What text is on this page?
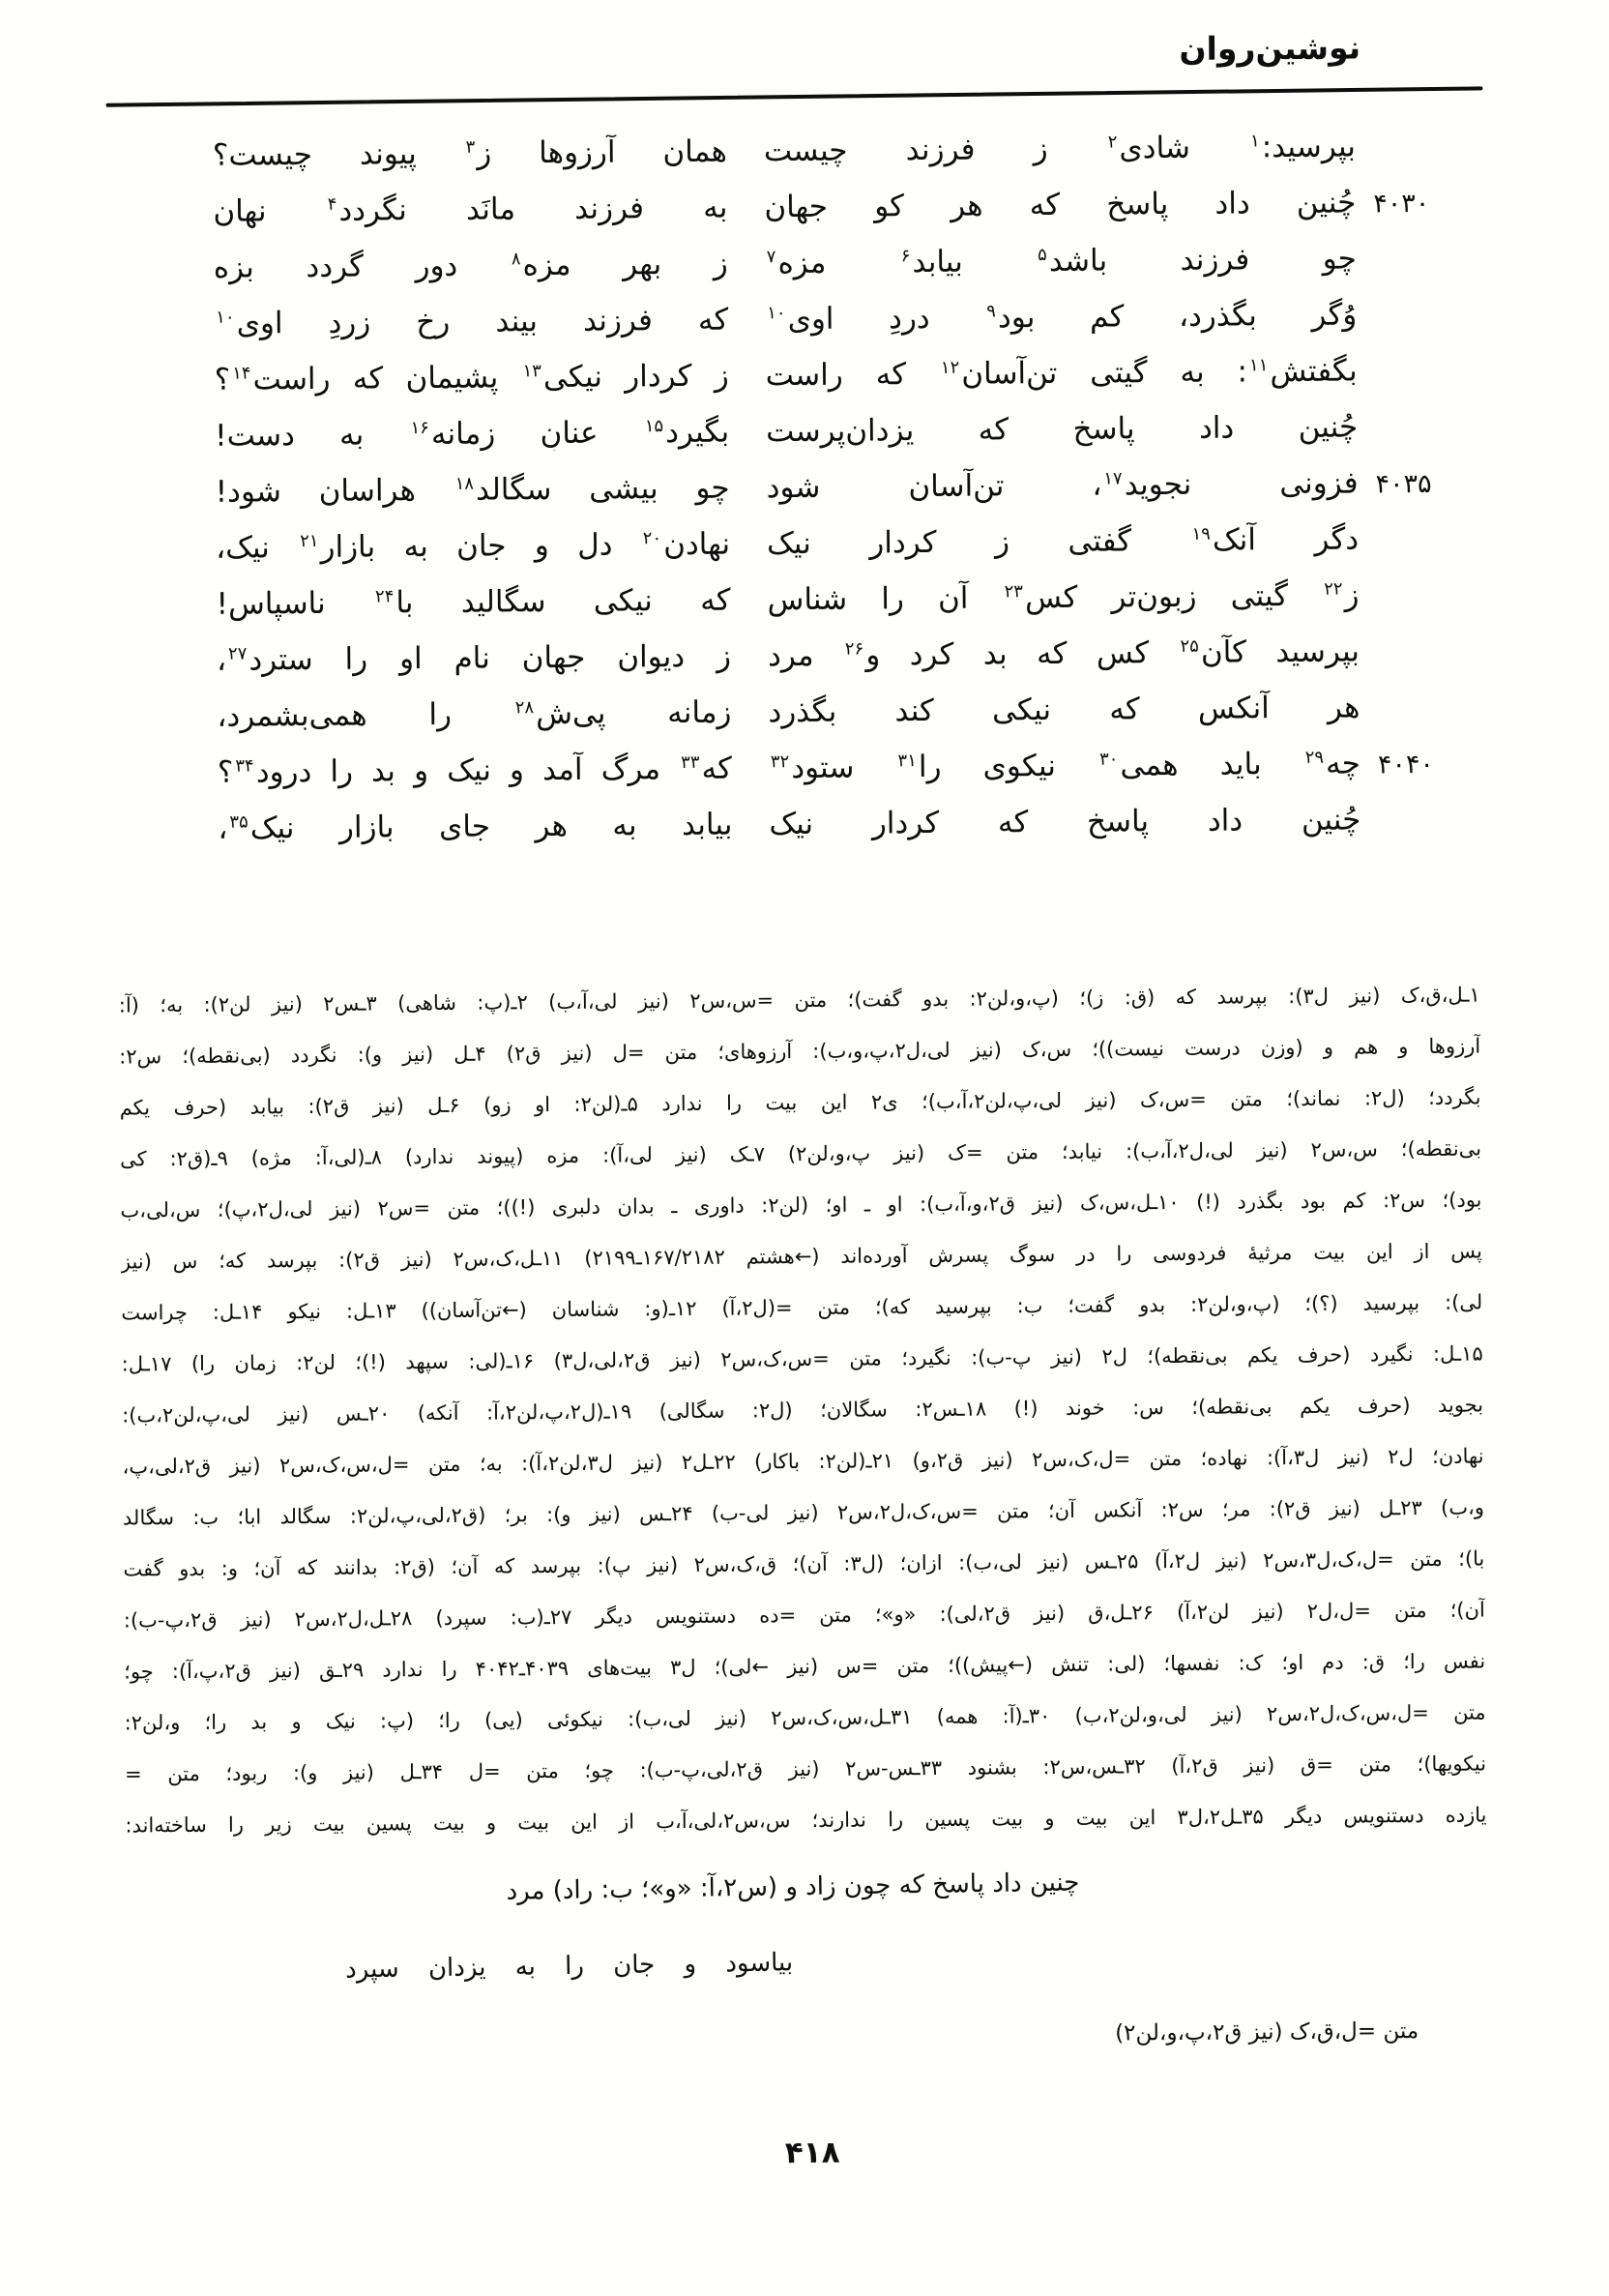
نوشین‌روان
بپرسید:$^۱$ شادی$^۲$ ز فرزند چیست
همان آرزوها ز$^۳$ پیوند چیست؟
۴۰۳۰
چُنین داد پاسخ که هر کو جهان
به فرزند مانَد نگردد$^۴$ نهان
چو فرزند باشد$^۵$ بیابد$^۶$ مزه$^۷$
ز بهرِ مزه$^۸$ دور گردد بزه
وُگر بگذرد، کم بود$^۹$ دردِ اوی$^{۱۰}$
که فرزند بیند رخ زردِ اوی$^{۱۰}$
بگفتش$^{۱۱}$: به گیتی تن‌آسان$^{۱۲}$ که راست
ز کردارِ نیکی$^{۱۳}$ پشیمان که راست$^{۱۴}$؟
چُنین داد پاسخ که یزدان‌پرست
بگیرد$^{۱۵}$ عنانِ زمانه$^{۱۶}$ به دست!
۴۰۳۵
فزونی نجوید$^{۱۷}$، تن‌آسان شود
چو بیشی سگالد$^{۱۸}$ هراسان شود!
دگر آنک$^{۱۹}$ گفتی ز کردارِ نیک
نهادن$^{۲۰}$ دل و جان به بازارِ$^{۲۱}$ نیک،
ز$^{۲۲}$ گیتی زبون‌تر کس$^{۲۳}$ آن را شناس
که نیکی سگالید با$^{۲۴}$ ناسپاس!
بپرسید کآن$^{۲۵}$ کس که بد کرد و$^{۲۶}$ مرد
ز دیوان جهان نام او را سترد$^{۲۷}$،
هر آنکس که نیکی کند بگذرد
زمانه پی‌ش$^{۲۸}$ را همی‌بشمرد،
۴۰۴۰
چه$^{۲۹}$ باید همی$^{۳۰}$ نیکوی را$^{۳۱}$ ستود$^{۳۲}$
که$^{۳۳}$ مرگ آمد و نیک و بد را درود$^{۳۴}$؟
چُنین داد پاسخ که کردارِ نیک
بیابد به هر جای بازارِ نیک$^{۳۵}$،
۱ـل،ق،ک (نیز ل۳): بپرسد که (ق: ز)؛ (پ،و،لن۲: بدو گفت)؛ متن =س،س۲ (نیز لی،آ،ب) ۲ـ(پ: شاهی) ۳ـس۲ (نیز لن۲): به؛ (آ:
آرزوها و هم و (وزن درست نیست))؛ س،ک (نیز لی،ل۲،پ،و،ب): آرزوهای؛ متن =ل (نیز ق۲) ۴ـل (نیز و): نگردد (بی‌نقطه)؛ س۲:
بگردد؛ (ل۲: نماند)؛ متن =س،ک (نیز لی،پ،لن۲،آ،ب)؛ ی۲ این بیت را ندارد ۵ـ(لن۲: او زو) ۶ـل (نیز ق۲): بیابد (حرف یکم
بی‌نقطه)؛ س،س۲ (نیز لی،ل۲،آ،ب): نیابد؛ متن =ک (نیز پ،و،لن۲) ۷ـک (نیز لی،آ): مزه (پیوند ندارد) ۸ـ(لی،آ: مژه) ۹ـ(ق۲: کی
بود)؛ س۲: کم بود بگذرد (!) ۱۰ـل،س،ک (نیز ق۲،و،آ،ب): او ـ او؛ (لن۲: داوری ـ بدان دلبری (!))؛ متن =س۲ (نیز لی،ل۲،پ)؛ س،لی،ب
پس از این بیت مرثیهٔ فردوسی را در سوگ پسرش آورده‌اند (←هشتم ۱۶۷/۲۱۸۲ـ۲۱۹۹) ۱۱ـل،ک،س۲ (نیز ق۲): بپرسد که؛ س (نیز
لی): بپرسید (؟)؛ (پ،و،لن۲: بدو گفت؛ ب: بپرسید که)؛ متن =(ل۲،آ) ۱۲ـ(و: شناسان (←تن‌آسان)) ۱۳ـل: نیکو ۱۴ـل: چراست
۱۵ـل: نگیرد (حرف یکم بی‌نقطه)؛ ل۲ (نیز پ-ب): نگیرد؛ متن =س،ک،س۲ (نیز ق۲،لی،ل۳) ۱۶ـ(لی: سپهد (!)؛ لن۲: زمان را) ۱۷ـل:
بجوید (حرف یکم بی‌نقطه)؛ س: خوند (!) ۱۸ـس۲: سگالان؛ (ل۲: سگالی) ۱۹ـ(ل۲،پ،لن۲،آ: آنکه) ۲۰ـس (نیز لی،پ،لن۲،ب):
نهادن؛ ل۲ (نیز ل۳،آ): نهاده؛ متن =ل،ک،س۲ (نیز ق۲،و) ۲۱ـ(لن۲: باکار) ۲۲ـل۲ (نیز ل۳،لن۲،آ): به؛ متن =ل،س،ک،س۲ (نیز ق۲،لی،پ،
و،ب) ۲۳ـل (نیز ق۲): مر؛ س۲: آنکس آن؛ متن =س،ک،ل۲،س۲ (نیز لی-ب) ۲۴ـس (نیز و): بر؛ (ق۲،لی،پ،لن۲: سگالد ابا؛ ب: سگالد
با)؛ متن =ل،ک،ل۳،س۲ (نیز ل۲،آ) ۲۵ـس (نیز لی،ب): ازان؛ (ل۳: آن)؛ ق،ک،س۲ (نیز پ): بپرسد که آن؛ (ق۲: بدانند که آن؛ و: بدو گفت
آن)؛ متن =ل،ل۲ (نیز لن۲،آ) ۲۶ـل،ق (نیز ق۲،لی): «و»؛ متن =ده دستنویس دیگر ۲۷ـ(ب: سپرد) ۲۸ـل،ل۲،س۲ (نیز ق۲،پ-ب):
نفس را؛ ق: دم او؛ ک: نفسها؛ (لی: تنش (←پیش))؛ متن =س (نیز ←لی)؛ ل۳ بیت‌های ۴۰۳۹ـ۴۰۴۲ را ندارد ۲۹ـق (نیز ق۲،پ،آ): چو؛
متن =ل،س،ک،ل۲،س۲ (نیز لی،و،لن۲،ب) ۳۰ـ(آ: همه) ۳۱ـل،س،ک،س۲ (نیز لی،ب): نیکوئی (یی) را؛ (پ: نیک و بد را؛ و،لن۲:
نیکویها)؛ متن =ق (نیز ق۲،آ) ۳۲ـس،س۲: بشنود ۳۳ـس-س۲ (نیز ق۲،لی،پ-ب): چو؛ متن =ل ۳۴ـل (نیز و): ربود؛ متن =
یازده دستنویس دیگر ۳۵ـل۲،ل۳ این بیت و بیت پسین را ندارند؛ س،س۲،لی،آ،ب از این بیت و بیت پسین بیت زیر را ساخته‌اند:
چنین داد پاسخ که چون زاد و (س۲،آ: «و»؛ ب: راد) مرد
بیاسود و جان را به یزدان سپرد
متن =ل،ق،ک (نیز ق۲،پ،و،لن۲)
۴۱۸
